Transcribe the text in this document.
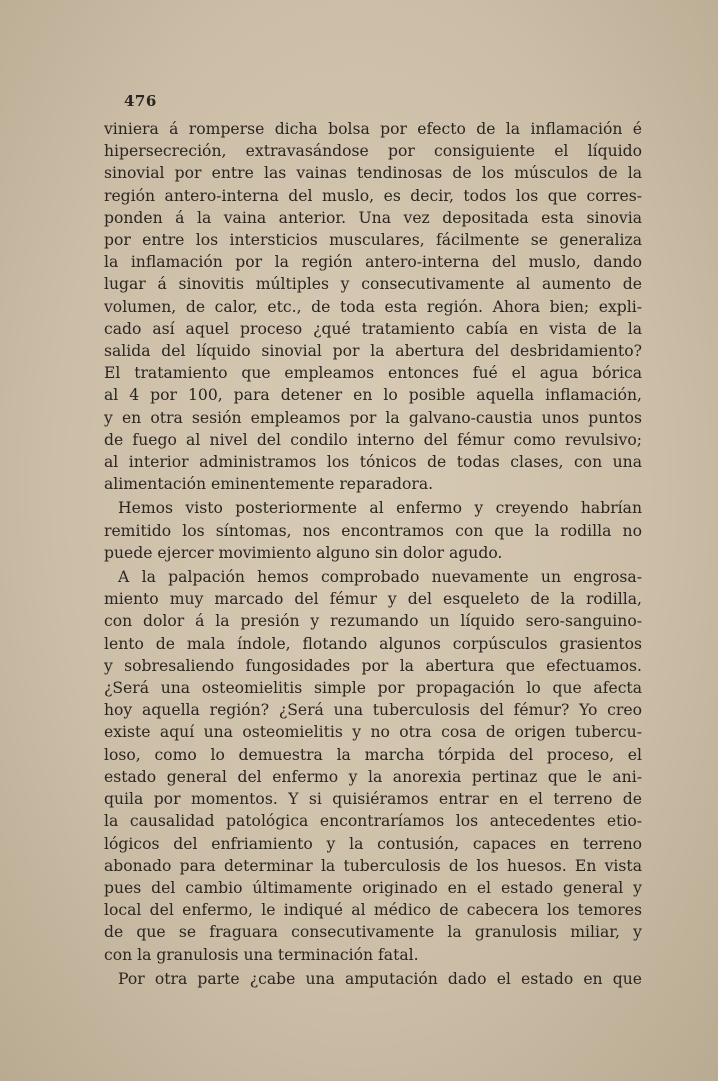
476
viniera á romperse dicha bolsa por efecto de la inflamación é
hipersecreción, extravasándose por consiguiente el líquido
sinovial por entre las vainas tendinosas de los músculos de la
región antero-interna del muslo, es decir, todos los que corres-
ponden á la vaina anterior. Una vez depositada esta sinovia
por entre los intersticios musculares, fácilmente se generaliza
la inflamación por la región antero-interna del muslo, dando
lugar á sinovitis múltiples y consecutivamente al aumento de
volumen, de calor, etc., de toda esta región. Ahora bien; expli-
cado así aquel proceso ¿qué tratamiento cabía en vista de la
salida del líquido sinovial por la abertura del desbridamiento?
El tratamiento que empleamos entonces fué el agua bórica
al 4 por 100, para detener en lo posible aquella inflamación,
y en otra sesión empleamos por la galvano-caustia unos puntos
de fuego al nivel del condilo interno del fémur como revulsivo;
al interior administramos los tónicos de todas clases, con una
alimentación eminentemente reparadora.
Hemos visto posteriormente al enfermo y creyendo habrían
remitido los síntomas, nos encontramos con que la rodilla no
puede ejercer movimiento alguno sin dolor agudo.
A la palpación hemos comprobado nuevamente un engrosa-
miento muy marcado del fémur y del esqueleto de la rodilla,
con dolor á la presión y rezumando un líquido sero-sanguino-
lento de mala índole, flotando algunos corpúsculos grasientos
y sobresaliendo fungosidades por la abertura que efectuamos.
¿Será una osteomielitis simple por propagación lo que afecta
hoy aquella región? ¿Será una tuberculosis del fémur? Yo creo
existe aquí una osteomielitis y no otra cosa de origen tubercu-
loso, como lo demuestra la marcha tórpida del proceso, el
estado general del enfermo y la anorexia pertinaz que le ani-
quila por momentos. Y si quisiéramos entrar en el terreno de
la causalidad patológica encontraríamos los antecedentes etio-
lógicos del enfriamiento y la contusión, capaces en terreno
abonado para determinar la tuberculosis de los huesos. En vista
pues del cambio últimamente originado en el estado general y
local del enfermo, le indiqué al médico de cabecera los temores
de que se fraguara consecutivamente la granulosis miliar, y
con la granulosis una terminación fatal.
Por otra parte ¿cabe una amputación dado el estado en que
